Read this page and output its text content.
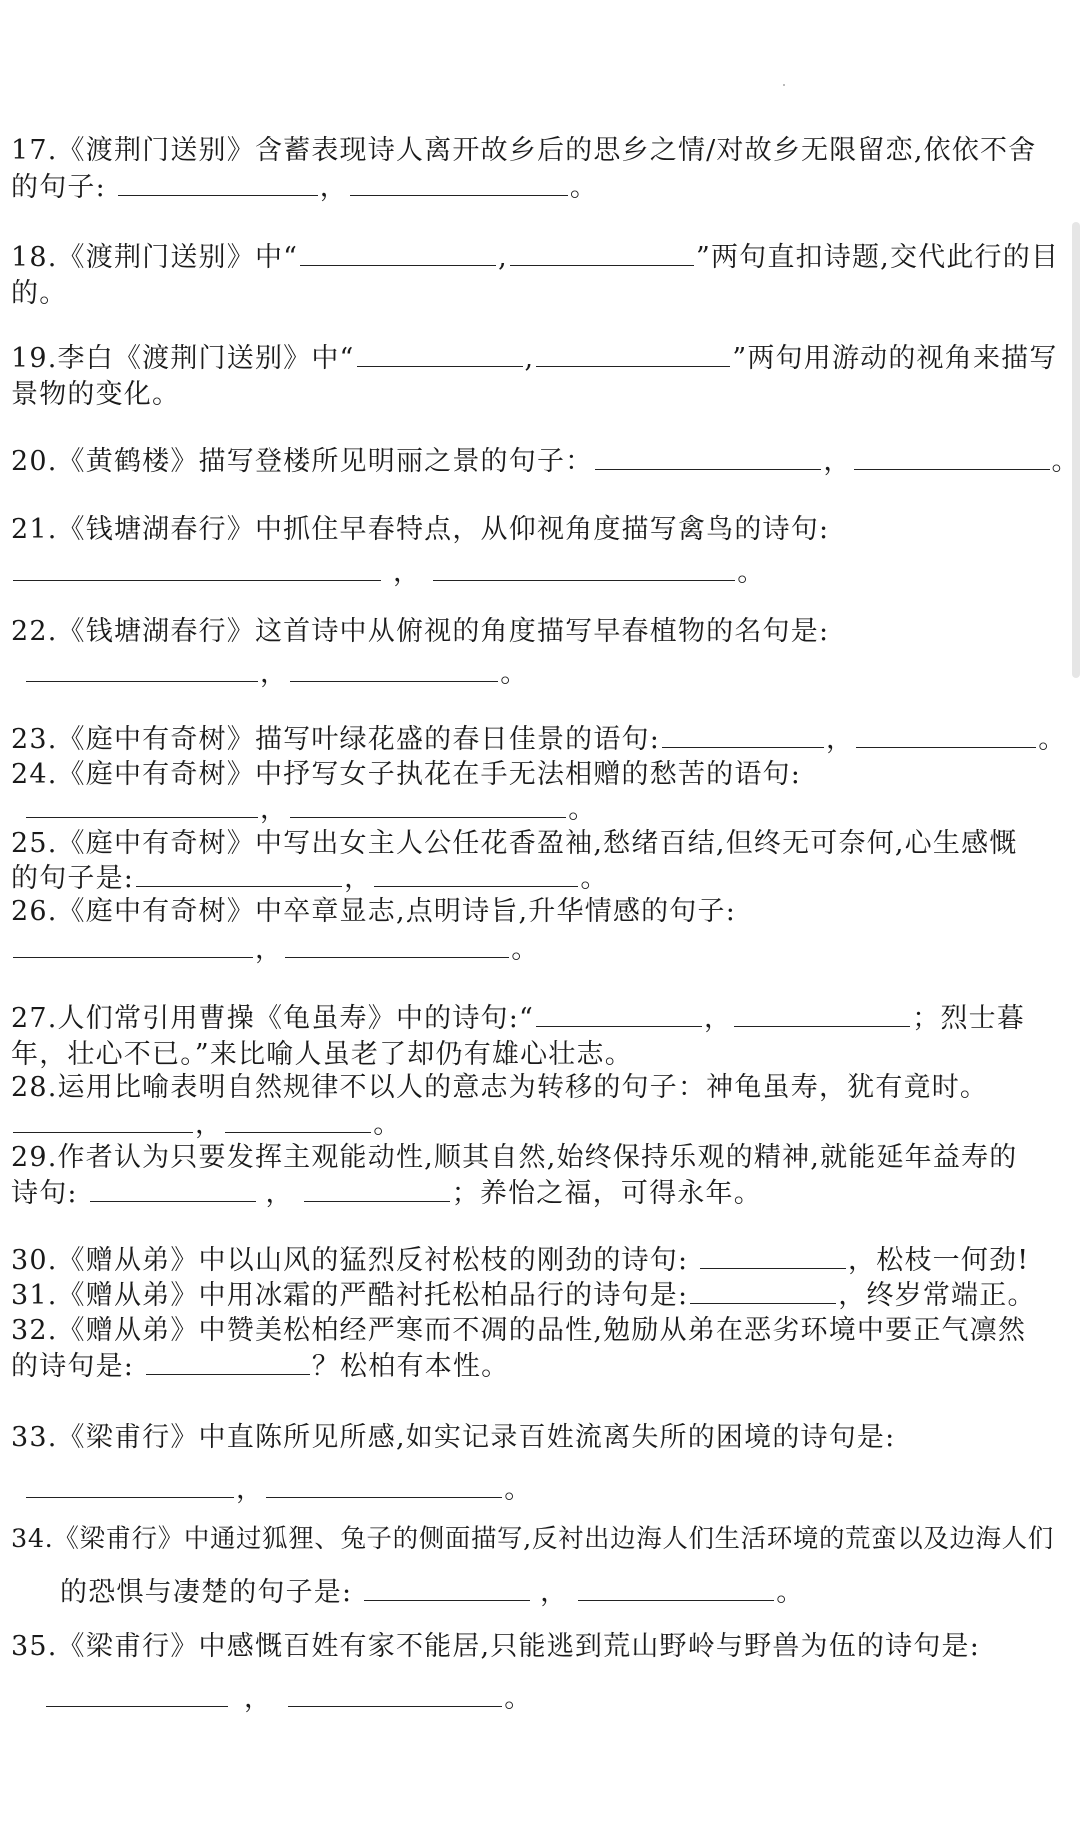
17.《渡荆门送别》含蓄表现诗人离开故乡后的思乡之情/对故乡无限留恋,依依不舍
的句子:	，	。
18.《渡荆门送别》中“	,	”两句直扣诗题,交代此行的目
的。
19.李白《渡荆门送别》中“	,	”两句用游动的视角来描写
景物的变化。
20.《黄鹤楼》描写登楼所见明丽之景的句子：	，	。
21.《钱塘湖春行》中抓住早春特点，从仰视角度描写禽鸟的诗句:
，	。
22.《钱塘湖春行》这首诗中从俯视的角度描写早春植物的名句是:
，	。
23.《庭中有奇树》描写叶绿花盛的春日佳景的语句:	，	。
24.《庭中有奇树》中抒写女子执花在手无法相赠的愁苦的语句:
，	。
25.《庭中有奇树》中写出女主人公任花香盈袖,愁绪百结,但终无可奈何,心生感慨
的句子是:	，	。
26.《庭中有奇树》中卒章显志,点明诗旨,升华情感的句子:
，	。
27.人们常引用曹操《龟虽寿》中的诗句:“	，	；烈士暮
年，壮心不已。”来比喻人虽老了却仍有雄心壮志。
28.运用比喻表明自然规律不以人的意志为转移的句子：神龟虽寿，犹有竟时。
，	。
29.作者认为只要发挥主观能动性,顺其自然,始终保持乐观的精神,就能延年益寿的
诗句:	，	；养怡之福，可得永年。
30.《赠从弟》中以山风的猛烈反衬松枝的刚劲的诗句:	，松枝一何劲!
31.《赠从弟》中用冰霜的严酷衬托松柏品行的诗句是:	，终岁常端正。
32.《赠从弟》中赞美松柏经严寒而不凋的品性,勉励从弟在恶劣环境中要正气凛然
的诗句是:	？松柏有本性。
33.《梁甫行》中直陈所见所感,如实记录百姓流离失所的困境的诗句是:
，	。
34.《梁甫行》中通过狐狸、兔子的侧面描写,反衬出边海人们生活环境的荒蛮以及边海人们
的恐惧与凄楚的句子是:	，	。
35.《梁甫行》中感慨百姓有家不能居,只能逃到荒山野岭与野兽为伍的诗句是:
，	。
